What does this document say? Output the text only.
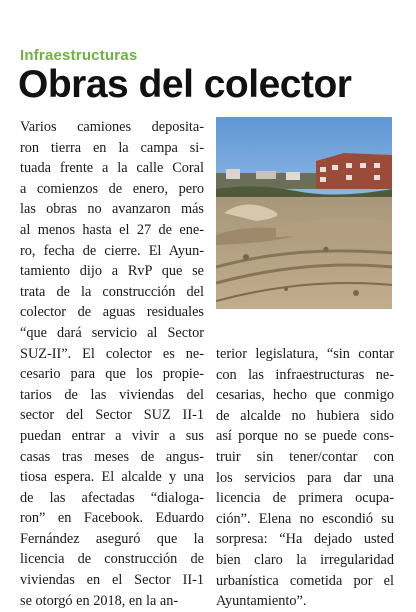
Infraestructuras
Obras del colector
Varios camiones deposita-
ron tierra en la campa si-
tuada frente a la calle Coral
a comienzos de enero, pero
las obras no avanzaron más
al menos hasta el 27 de ene-
ro, fecha de cierre. El Ayun-
tamiento dijo a RvP que se
trata de la construcción del
colector de aguas residuales
“que dará servicio al Sector
SUZ-II”. El colector es ne-
cesario para que los propie-
tarios de las viviendas del
sector del Sector SUZ II-1
puedan entrar a vivir a sus
casas tras meses de angus-
tiosa espera. El alcalde y una
de las afectadas “dialoga-
ron” en Facebook. Eduardo
Fernández aseguró que la
licencia de construcción de
viviendas en el Sector II-1
se otorgó en 2018, en la an-
terior legislatura, “sin contar
con las infraestructuras ne-
cesarias, hecho que conmigo
de alcalde no hubiera sido
así porque no se puede cons-
truir sin tener/contar con
los servicios para dar una
licencia de primera ocupa-
ción”. Elena no escondió su
sorpresa: “Ha dejado usted
bien claro la irregularidad
urbanística cometida por el
Ayuntamiento”.
